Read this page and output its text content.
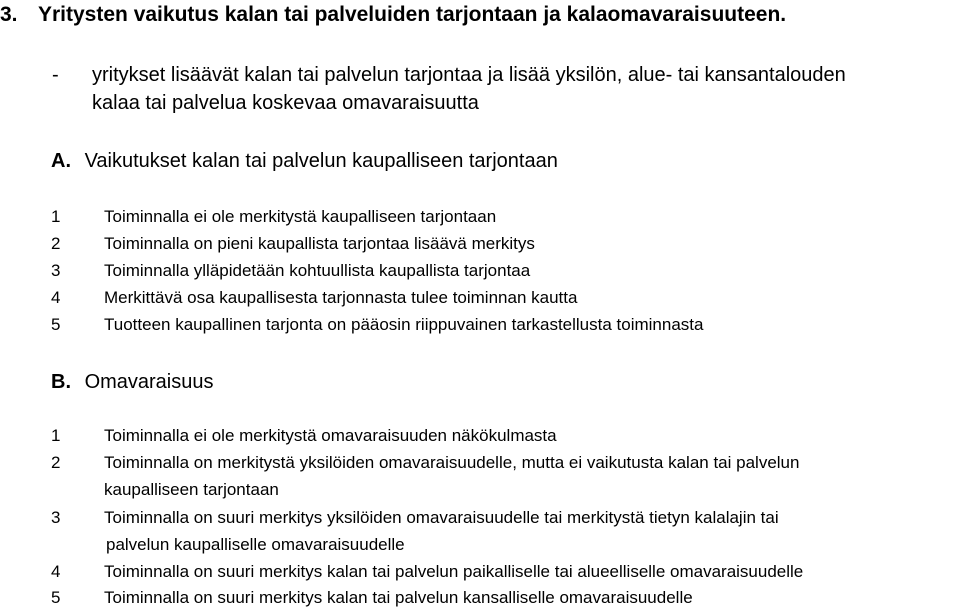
3. Yritysten vaikutus kalan tai palveluiden tarjontaan ja kalaomavaraisuuteen.
- yritykset lisäävät kalan tai palvelun tarjontaa ja lisää yksilön, alue- tai kansantalouden
kalaa tai palvelua koskevaa omavaraisuutta
A. Vaikutukset kalan tai palvelun kaupalliseen tarjontaan
1	Toiminnalla ei ole merkitystä kaupalliseen tarjontaan
2	Toiminnalla on pieni kaupallista tarjontaa lisäävä merkitys
3	Toiminnalla ylläpidetään kohtuullista kaupallista tarjontaa
4	Merkittävä osa kaupallisesta tarjonnasta tulee toiminnan kautta
5	Tuotteen kaupallinen tarjonta on pääosin riippuvainen tarkastellusta toiminnasta
B. Omavaraisuus
1	Toiminnalla ei ole merkitystä omavaraisuuden näkökulmasta
2	Toiminnalla on merkitystä yksilöiden omavaraisuudelle, mutta ei vaikutusta kalan tai palvelun
kaupalliseen tarjontaan
3	Toiminnalla on suuri merkitys yksilöiden omavaraisuudelle tai merkitystä tietyn kalalajin tai
palvelun kaupalliselle omavaraisuudelle
4	Toiminnalla on suuri merkitys kalan tai palvelun paikalliselle tai alueelliselle omavaraisuudelle
5	Toiminnalla on suuri merkitys kalan tai palvelun kansalliselle omavaraisuudelle
